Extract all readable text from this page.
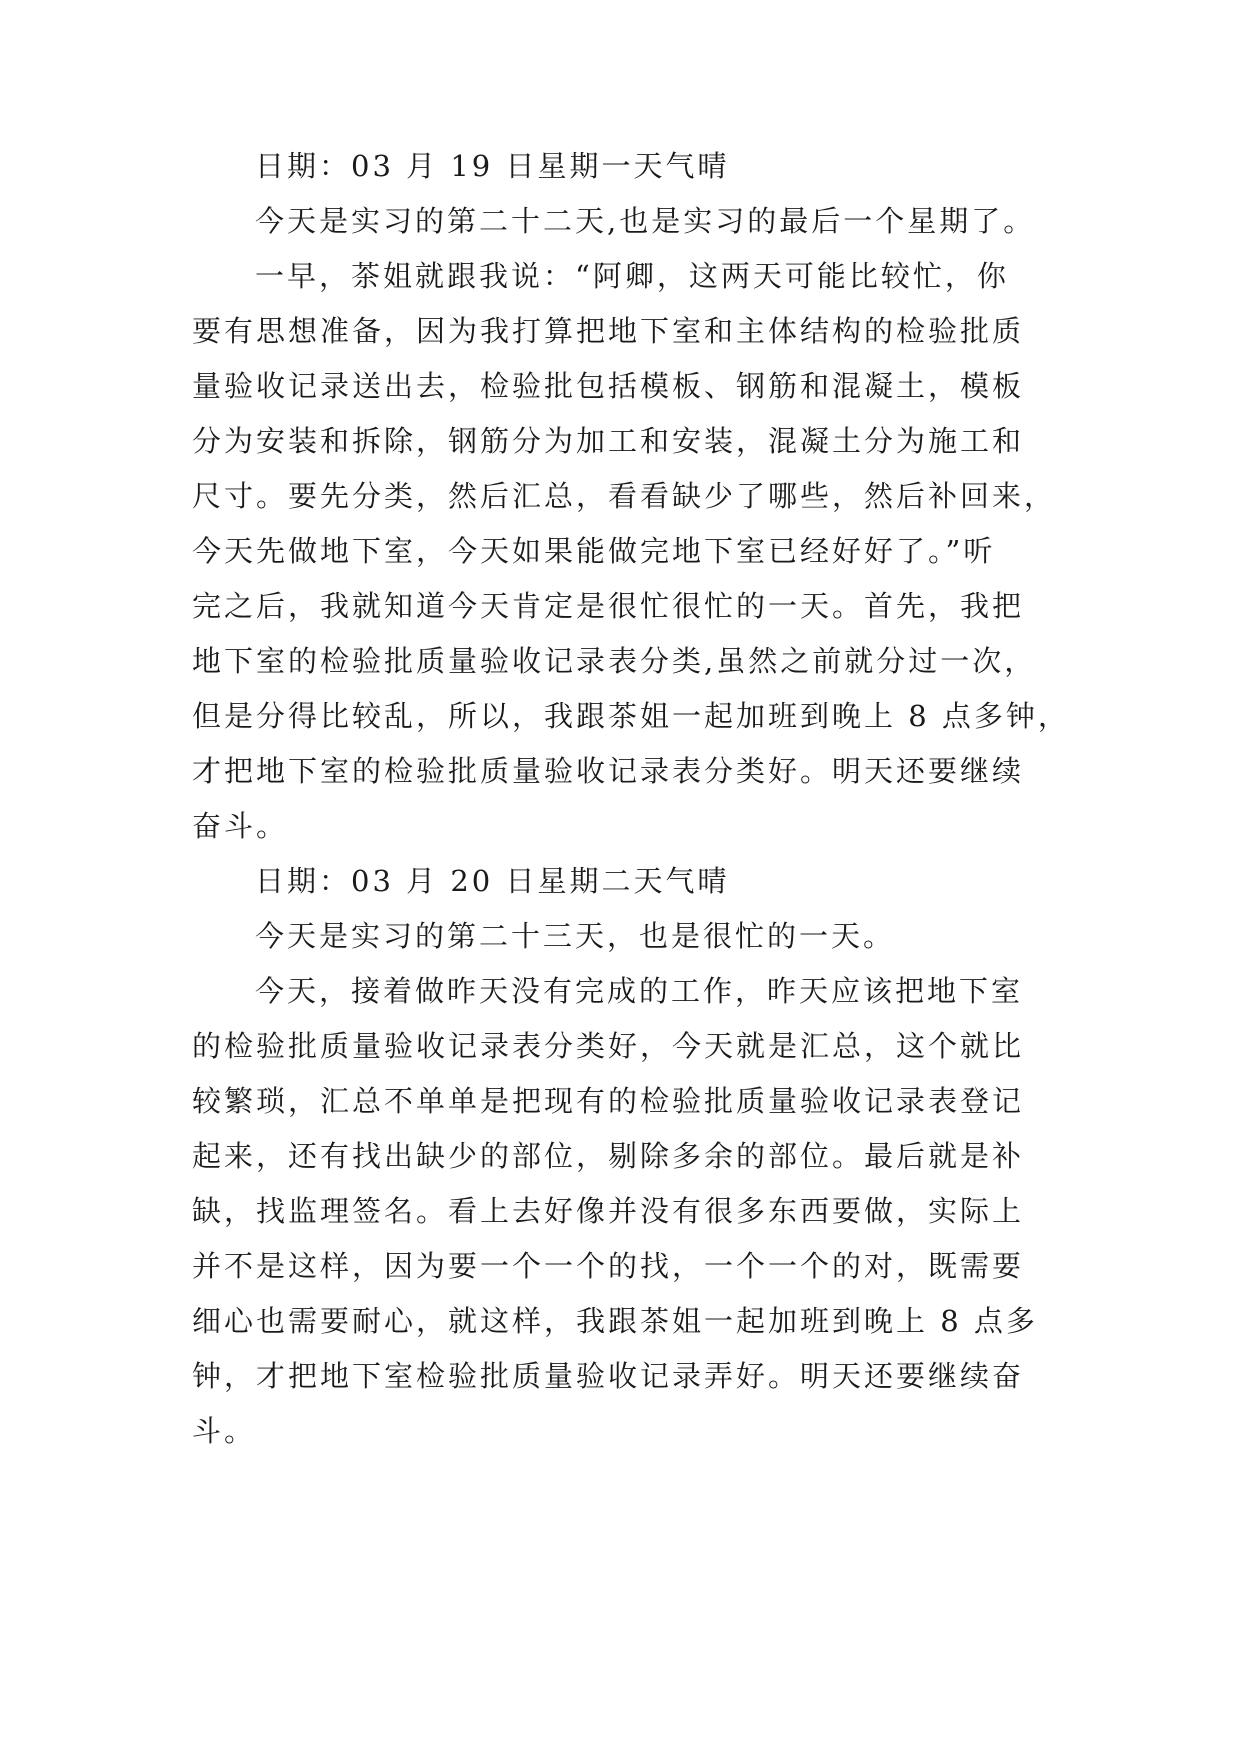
日期：03 月 19 日星期一天气晴
今天是实习的第二十二天,也是实习的最后一个星期了。
一早，茶姐就跟我说：“阿卿，这两天可能比较忙，你
要有思想准备，因为我打算把地下室和主体结构的检验批质
量验收记录送出去，检验批包括模板、钢筋和混凝土，模板
分为安装和拆除，钢筋分为加工和安装，混凝土分为施工和
尺寸。要先分类，然后汇总，看看缺少了哪些，然后补回来，
今天先做地下室，今天如果能做完地下室已经好好了。”听
完之后，我就知道今天肯定是很忙很忙的一天。首先，我把
地下室的检验批质量验收记录表分类,虽然之前就分过一次，
但是分得比较乱，所以，我跟茶姐一起加班到晚上 8 点多钟，
才把地下室的检验批质量验收记录表分类好。明天还要继续
奋斗。
日期：03 月 20 日星期二天气晴
今天是实习的第二十三天，也是很忙的一天。
今天，接着做昨天没有完成的工作，昨天应该把地下室
的检验批质量验收记录表分类好，今天就是汇总，这个就比
较繁琐，汇总不单单是把现有的检验批质量验收记录表登记
起来，还有找出缺少的部位，剔除多余的部位。最后就是补
缺，找监理签名。看上去好像并没有很多东西要做，实际上
并不是这样，因为要一个一个的找，一个一个的对，既需要
细心也需要耐心，就这样，我跟茶姐一起加班到晚上 8 点多
钟，才把地下室检验批质量验收记录弄好。明天还要继续奋
斗。
